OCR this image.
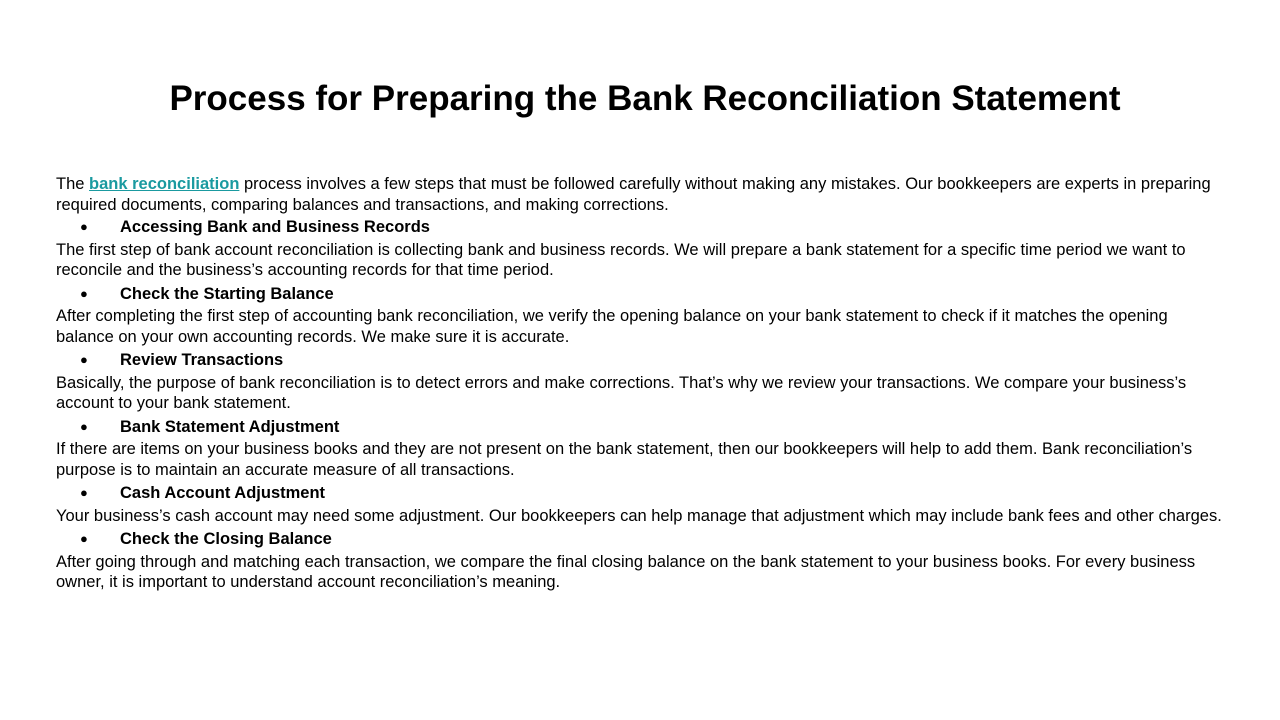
Process for Preparing the Bank Reconciliation Statement

The bank reconciliation process involves a few steps that must be followed carefully without making any mistakes. Our bookkeepers are experts in preparing required documents, comparing balances and transactions, and making corrections.

●	Accessing Bank and Business Records

The first step of bank account reconciliation is collecting bank and business records. We will prepare a bank statement for a specific time period we want to reconcile and the business’s accounting records for that time period.

●	Check the Starting Balance

After completing the first step of accounting bank reconciliation, we verify the opening balance on your bank statement to check if it matches the opening balance on your own accounting records. We make sure it is accurate.

●	Review Transactions

Basically, the purpose of bank reconciliation is to detect errors and make corrections. That’s why we review your transactions. We compare your business’s account to your bank statement.

●	Bank Statement Adjustment

If there are items on your business books and they are not present on the bank statement, then our bookkeepers will help to add them. Bank reconciliation’s purpose is to maintain an accurate measure of all transactions.

●	Cash Account Adjustment

Your business’s cash account may need some adjustment. Our bookkeepers can help manage that adjustment which may include bank fees and other charges.

●	Check the Closing Balance

After going through and matching each transaction, we compare the final closing balance on the bank statement to your business books. For every business owner, it is important to understand account reconciliation’s meaning.
